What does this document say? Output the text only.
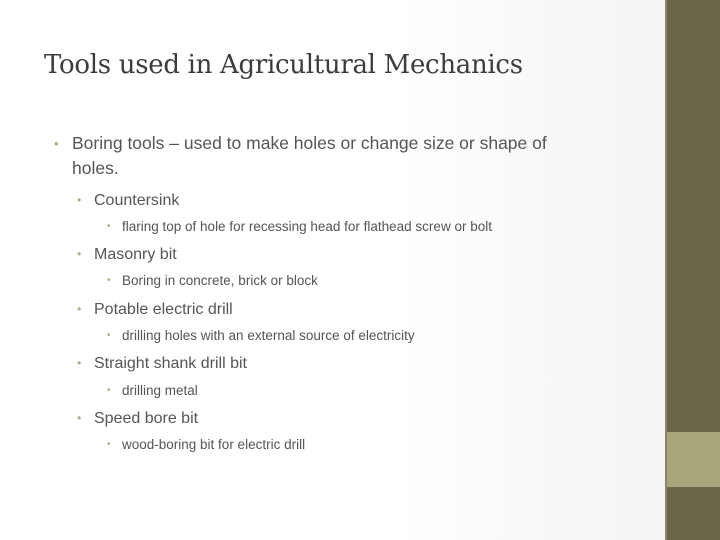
Tools used in Agricultural Mechanics
• Boring tools – used to make holes or change size or shape of
holes.
• Countersink
• flaring top of hole for recessing head for flathead screw or bolt
• Masonry bit
• Boring in concrete, brick or block
• Potable electric drill
• drilling holes with an external source of electricity
• Straight shank drill bit
• drilling metal
• Speed bore bit
• wood-boring bit for electric drill
